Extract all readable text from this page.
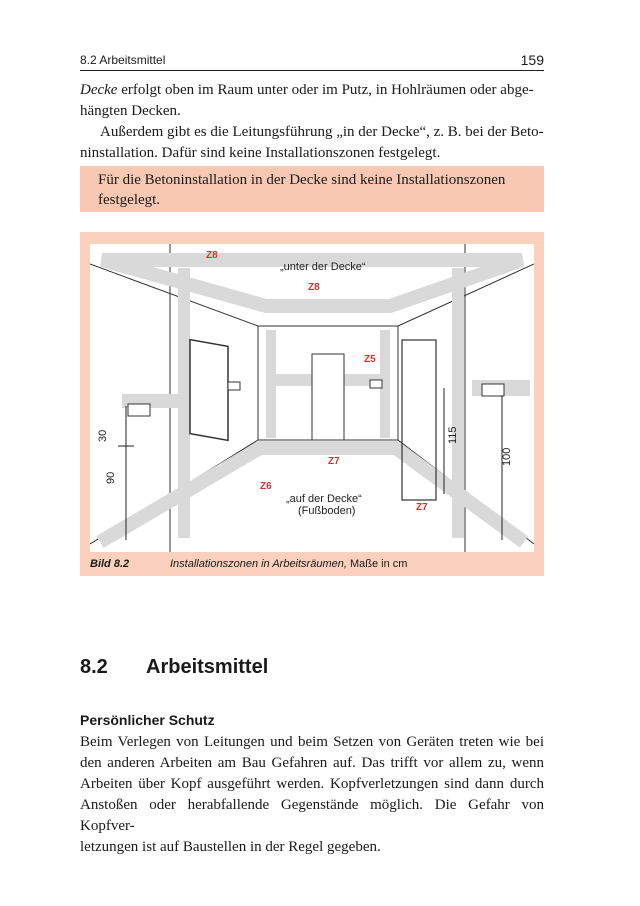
8.2 Arbeitsmittel	159

Decke erfolgt oben im Raum unter oder im Putz, in Hohlräumen oder abge-
hängten Decken.

Außerdem gibt es die Leitungsführung „in der Decke“, z. B. bei der Beto-
ninstallation. Dafür sind keine Installationszonen festgelegt.

Für die Betoninstallation in der Decke sind keine Installationszonen festgelegt.
30
90
115
100
Z8
„unter der Decke“
Z8
Z5
Z7
Z6
„auf der Decke“
(Fußboden)	Z7
Bild 8.2	Installationszonen in Arbeitsräumen, Maße in cm
8.2 Arbeitsmittel
Persönlicher Schutz
Beim Verlegen von Leitungen und beim Setzen von Geräten treten wie bei
den anderen Arbeiten am Bau Gefahren auf. Das trifft vor allem zu, wenn
Arbeiten über Kopf ausgeführt werden. Kopfverletzungen sind dann durch
Anstoßen oder herabfallende Gegenstände möglich. Die Gefahr von Kopfver-
letzungen ist auf Baustellen in der Regel gegeben.
